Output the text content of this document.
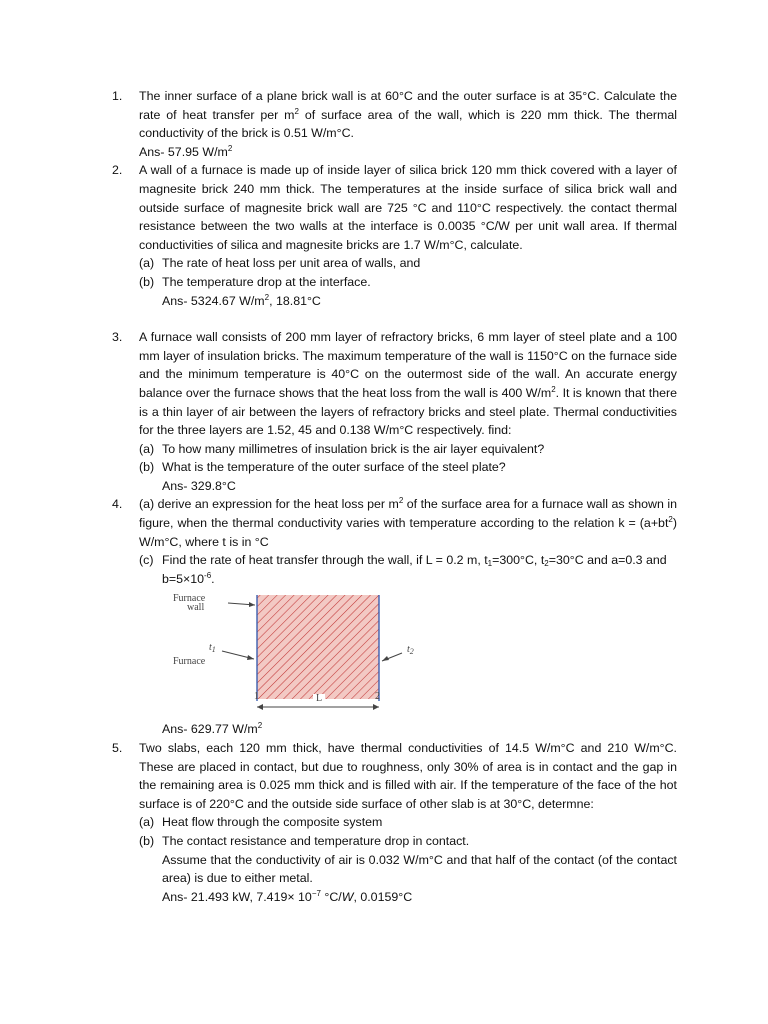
1. The inner surface of a plane brick wall is at 60°C and the outer surface is at 35°C. Calculate the rate of heat transfer per $m^2$ of surface area of the wall, which is 220 mm thick. The thermal conductivity of the brick is 0.51 W/m°C.
Ans- 57.95 $W/m^2$
2. A wall of a furnace is made up of inside layer of silica brick 120 mm thick covered with a layer of magnesite brick 240 mm thick. The temperatures at the inside surface of silica brick wall and outside surface of magnesite brick wall are 725 °C and 110°C respectively. the contact thermal resistance between the two walls at the interface is 0.0035 °C/W per unit wall area. If thermal conductivities of silica and magnesite bricks are 1.7 W/m°C, calculate.
(a) The rate of heat loss per unit area of walls, and
(b) The temperature drop at the interface.
Ans- 5324.67 $W/m^2$, 18.81°C
3. A furnace wall consists of 200 mm layer of refractory bricks, 6 mm layer of steel plate and a 100 mm layer of insulation bricks. The maximum temperature of the wall is 1150°C on the furnace side and the minimum temperature is 40°C on the outermost side of the wall. An accurate energy balance over the furnace shows that the heat loss from the wall is 400 $W/m^2$. It is known that there is a thin layer of air between the layers of refractory bricks and steel plate. Thermal conductivities for the three layers are 1.52, 45 and 0.138 W/m°C respectively. find:
(a) To how many millimetres of insulation brick is the air layer equivalent?
(b) What is the temperature of the outer surface of the steel plate?
Ans- 329.8°C
4. (a) derive an expression for the heat loss per $m^2$ of the surface area for a furnace wall as shown in figure, when the thermal conductivity varies with temperature according to the relation $k = (a+bt^2)$ W/m°C, where t is in °C
(c) Find the rate of heat transfer through the wall, if L = 0.2 m, $t_1=300^\circ C$, $t_2=30^\circ C$ and a=0.3 and $b=5\times 10^{-6}$.
Furnace
wall
$t_1$	$t_2$
Furnace
1	2
L
Ans- 629.77 $W/m^2$
5. Two slabs, each 120 mm thick, have thermal conductivities of 14.5 W/m°C and 210 W/m°C. These are placed in contact, but due to roughness, only 30% of area is in contact and the gap in the remaining area is 0.025 mm thick and is filled with air. If the temperature of the face of the hot surface is of 220°C and the outside side surface of other slab is at 30°C, determne:
(a) Heat flow through the composite system
(b) The contact resistance and temperature drop in contact.
Assume that the conductivity of air is 0.032 W/m°C and that half of the contact (of the contact area) is due to either metal.
Ans- 21.493 kW, $7.419\times 10^{-7}$ °C/W, 0.0159°C
